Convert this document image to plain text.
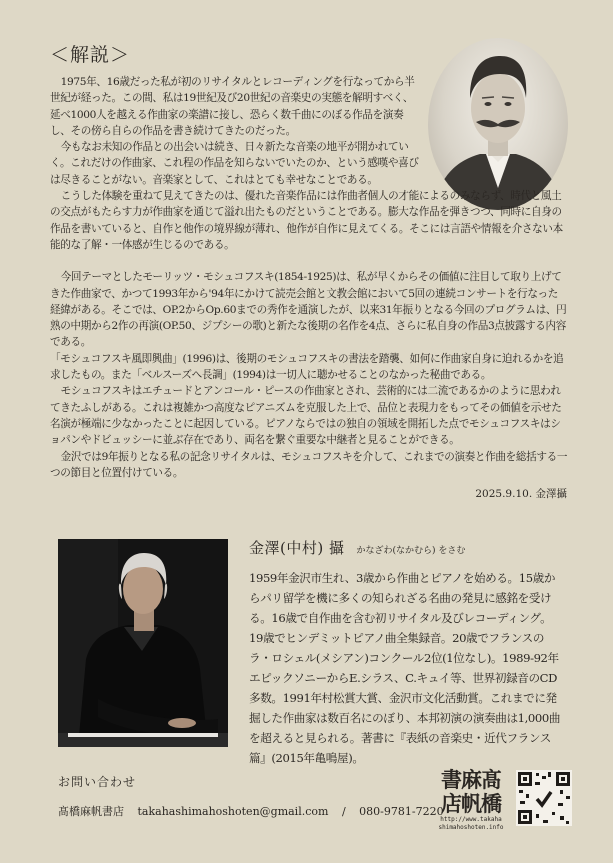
＜解説＞

1975年、16歳だった私が初のリサイタルとレコーディングを行なってから半世紀が経った。この間、私は19世紀及び20世紀の音楽史の実態を解明すべく、延べ1000人を越える作曲家の楽譜に接し、恐らく数千曲にのぼる作品を演奏し、その傍ら自らの作品を書き続けてきたのだった。

今もなお未知の作品との出会いは続き、日々新たな音楽の地平が開かれていく。これだけの作曲家、これ程の作品を知らないでいたのか、という感嘆や喜びは尽きることがない。音楽家として、これはとても幸せなことである。

こうした体験を重ねて見えてきたのは、優れた音楽作品には作曲者個人の才能によるのみならず、時代と風土の交点がもたらす力が作曲家を通じて溢れ出たものだということである。膨大な作品を弾きつつ、同時に自身の作品を書いていると、自作と他作の境界線が薄れ、他作が自作に見えてくる。そこには言語や情報を介さない本能的な了解・一体感が生じるのである。

今回テーマとしたモーリッツ・モシュコフスキ(1854-1925)は、私が早くからその価値に注目して取り上げてきた作曲家で、かつて1993年から'94年にかけて読売会館と文教会館において5回の連続コンサートを行なった経緯がある。そこでは、OP.2からOp.60までの秀作を通演したが、以来31年振りとなる今回のプログラムは、円熟の中期から2作の再演(OP.50、ジプシーの歌)と新たな後期の名作を4点、さらに私自身の作品3点披露する内容である。

「モシュコフスキ風即興曲」(1996)は、後期のモシュコフスキの書法を踏襲、如何に作曲家自身に迫れるかを追求したもの。また「ベルスーズへ長調」(1994)は一切人に聴かせることのなかった秘曲である。

モシュコフスキはエチュードとアンコール・ピースの作曲家とされ、芸術的には二流であるかのように思われてきたふしがある。これは複雑かつ高度なピアニズムを克服した上で、品位と表現力をもってその価値を示せた名演が極端に少なかったことに起因している。ピアノならではの独自の領域を開拓した点でモシュコフスキはショパンやドビュッシーに並ぶ存在であり、両名を繋ぐ重要な中継者と見ることができる。

金沢では9年振りとなる私の記念リサイタルは、モシュコフスキを介して、これまでの演奏と作曲を総括する一つの節目と位置付けている。

2025.9.10. 金澤攝
金澤(中村) 攝 かなざわ(なかむら) をさむ
1959年金沢市生れ、3歳から作曲とピアノを始める。15歳からパリ留学を機に多くの知られざる名曲の発見に感銘を受ける。16歳で自作曲を含む初リサイタル及びレコーディング。19歳でヒンデミットピアノ曲全集録音。20歳でフランスのラ・ロシェル(メシアン)コンクール2位(1位なし)。1989-92年エピックソニーからE.シラス、C.キュイ等、世界初録音のCD多数。1991年村松賞大賞、金沢市文化活動賞。これまでに発掘した作曲家は数百名にのぼり、本邦初演の演奏曲は1,000曲を超えると見られる。著書に『表紙の音楽史・近代フランス篇』(2015年亀鳴屋)。
お問い合わせ
髙橋麻帆書店 takahashimahoshoten@gmail.com / 080-9781-7220
書麻髙
店帆橋
http://www.takaha
shimahoshoten.info
